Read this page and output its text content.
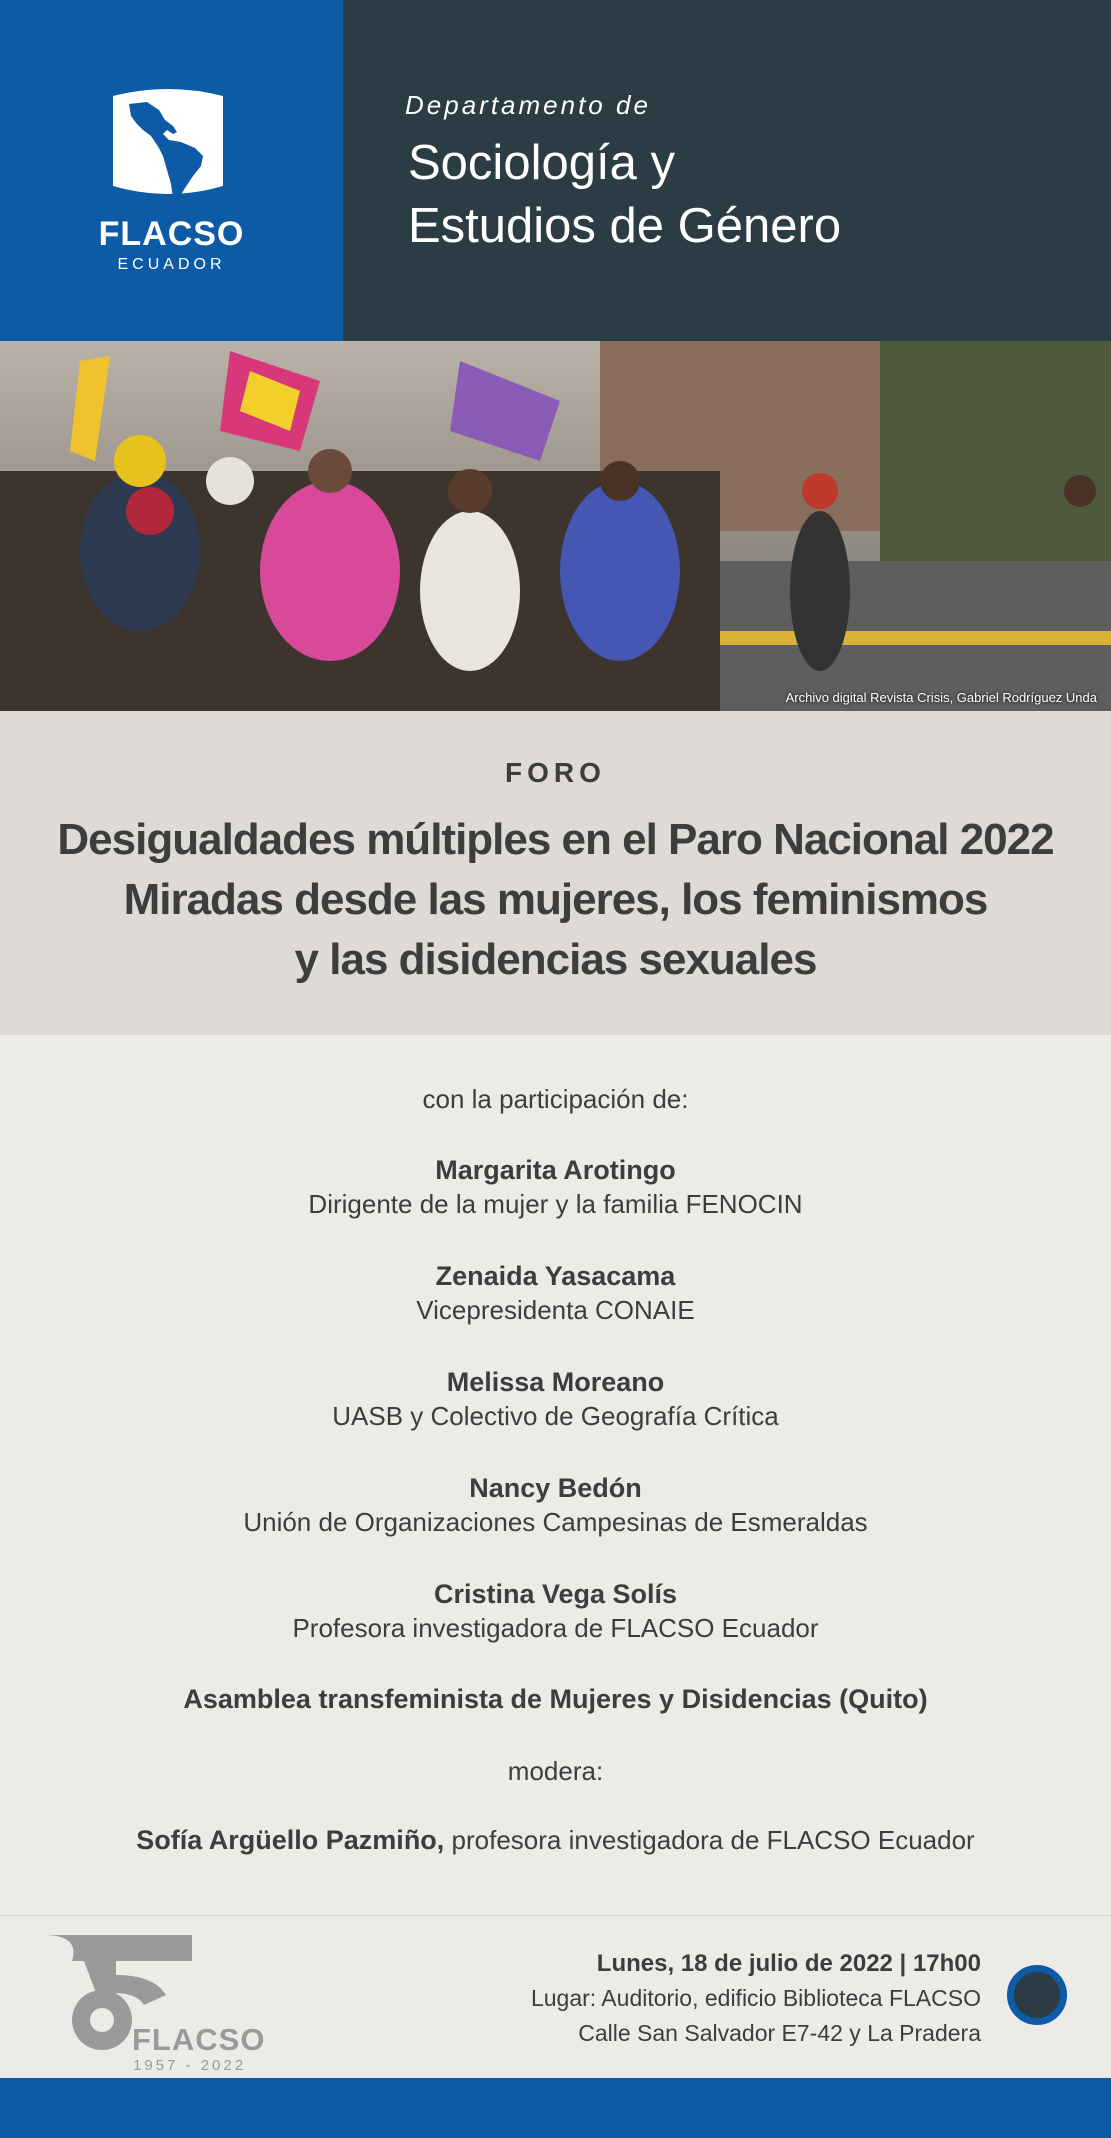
FLACSO
ECUADOR
Departamento de
Sociología y
Estudios de Género
Archivo digital Revista Crisis, Gabriel Rodríguez Unda
FORO
Desigualdades múltiples en el Paro Nacional 2022
Miradas desde las mujeres, los feminismos
y las disidencias sexuales
con la participación de:
Margarita Arotingo
Dirigente de la mujer y la familia FENOCIN
Zenaida Yasacama
Vicepresidenta CONAIE
Melissa Moreano
UASB y Colectivo de Geografía Crítica
Nancy Bedón
Unión de Organizaciones Campesinas de Esmeraldas
Cristina Vega Solís
Profesora investigadora de FLACSO Ecuador
Asamblea transfeminista de Mujeres y Disidencias (Quito)
modera:
Sofía Argüello Pazmiño, profesora investigadora de FLACSO Ecuador
FLACSO
1957 - 2022
Lunes, 18 de julio de 2022 | 17h00
Lugar: Auditorio, edificio Biblioteca FLACSO
Calle San Salvador E7-42 y La Pradera
